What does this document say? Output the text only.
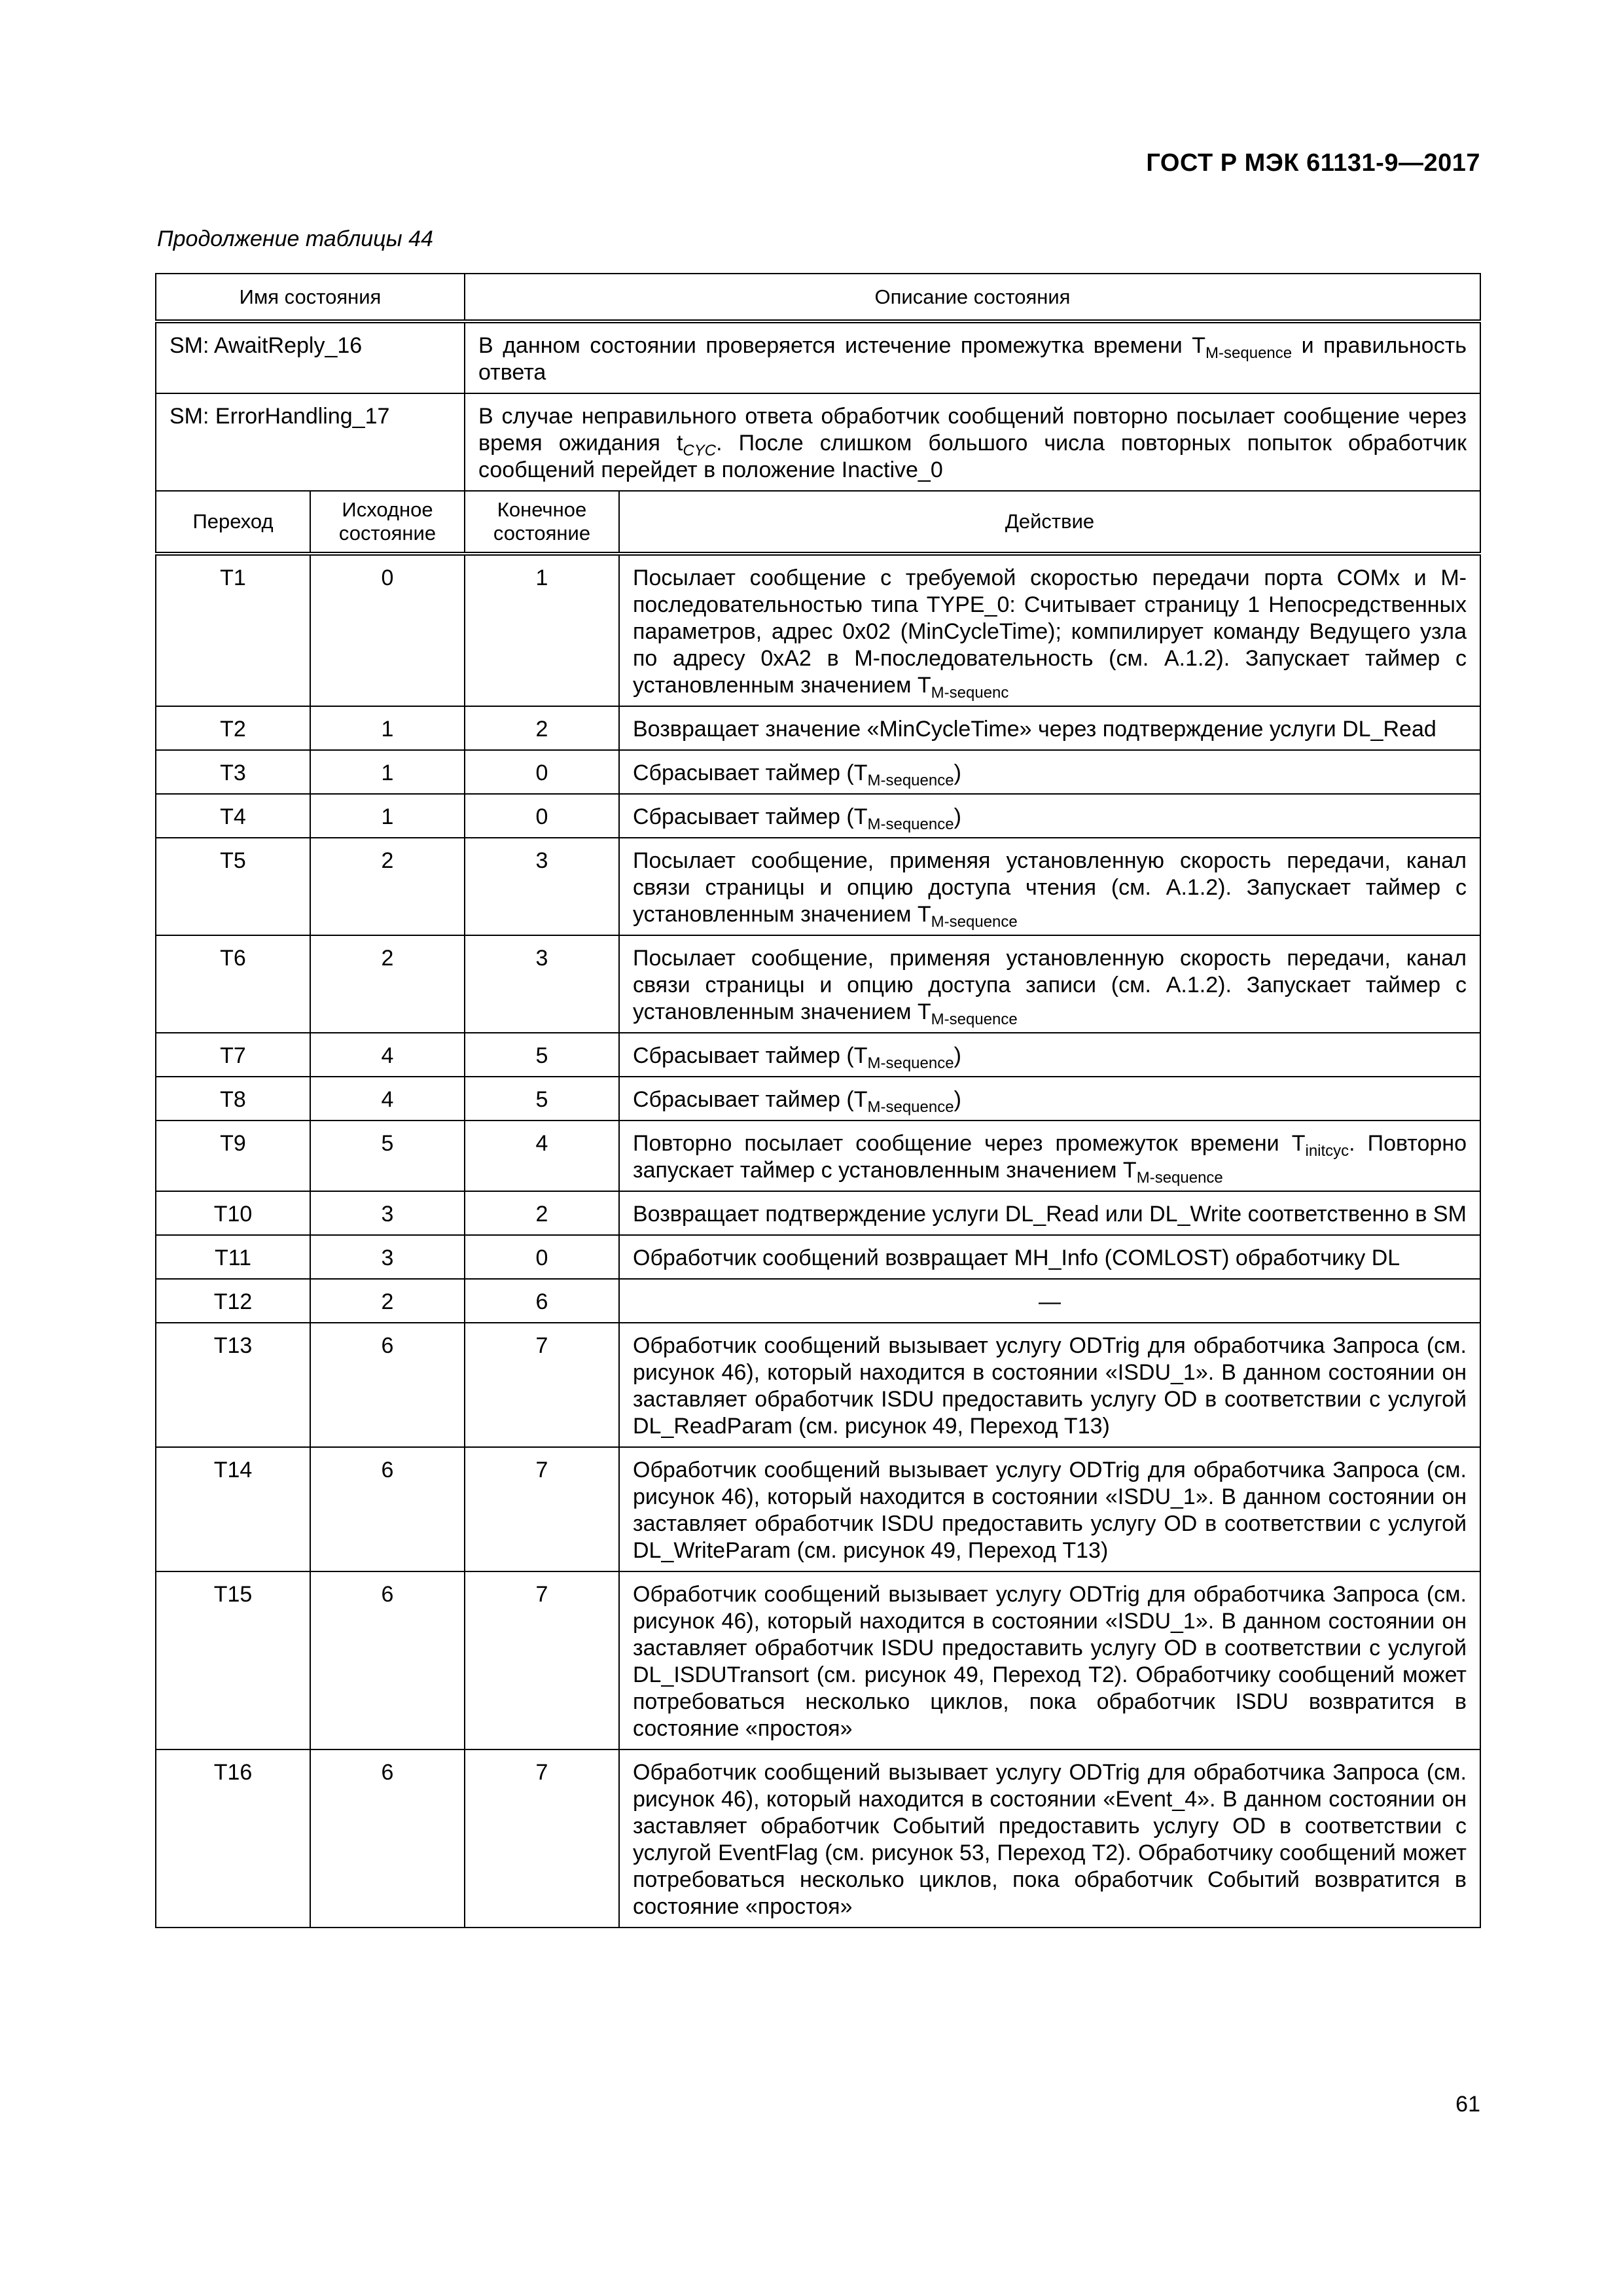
ГОСТ Р МЭК 61131-9—2017
Продолжение таблицы 44
Имя состояния		Описание состояния	
SM: AwaitReply_16		В данном состоянии проверяется истечение промежутка времени $T_{M-sequence}$ и правильность ответа	
SM: ErrorHandling_17		В случае неправильного ответа обработчик сообщений повторно посылает сообщение через время ожидания $t_{CYC}$. После слишком большого числа повторных попыток обработчик сообщений перейдет в положение Inactive_0	
Переход	Исходное состояние	Конечное состояние	Действие
T1	0	1	Посылает сообщение с требуемой скоростью передачи порта COMx и M-последовательностью типа TYPE_0: Считывает страницу 1 Непосредственных параметров, адрес 0x02 (MinCycleTime); компилирует команду Ведущего узла по адресу 0xA2 в M-последовательность (см. A.1.2). Запускает таймер с установленным значением $T_{M-sequenc}$
T2	1	2	Возвращает значение «MinCycleTime» через подтверждение услуги DL_Read
T3	1	0	Сбрасывает таймер $(T_{M-sequence})$
T4	1	0	Сбрасывает таймер $(T_{M-sequence})$
T5	2	3	Посылает сообщение, применяя установленную скорость передачи, канал связи страницы и опцию доступа чтения (см. A.1.2). Запускает таймер с установленным значением $T_{M-sequence}$
T6	2	3	Посылает сообщение, применяя установленную скорость передачи, канал связи страницы и опцию доступа записи (см. A.1.2). Запускает таймер с установленным значением $T_{M-sequence}$
T7	4	5	Сбрасывает таймер $(T_{M-sequence})$
T8	4	5	Сбрасывает таймер $(T_{M-sequence})$
T9	5	4	Повторно посылает сообщение через промежуток времени $T_{initcyc}$. Повторно запускает таймер с установленным значением $T_{M-sequence}$
T10	3	2	Возвращает подтверждение услуги DL_Read или DL_Write соответственно в SM
T11	3	0	Обработчик сообщений возвращает MH_Info (COMLOST) обработчику DL
T12	2	6	—
T13	6	7	Обработчик сообщений вызывает услугу ODTrig для обработчика Запроса (см. рисунок 46), который находится в состоянии «ISDU_1». В данном состоянии он заставляет обработчик ISDU предоставить услугу OD в соответствии с услугой DL_ReadParam (см. рисунок 49, Переход T13)
T14	6	7	Обработчик сообщений вызывает услугу ODTrig для обработчика Запроса (см. рисунок 46), который находится в состоянии «ISDU_1». В данном состоянии он заставляет обработчик ISDU предоставить услугу OD в соответствии с услугой DL_WriteParam (см. рисунок 49, Переход T13)
T15	6	7	Обработчик сообщений вызывает услугу ODTrig для обработчика Запроса (см. рисунок 46), который находится в состоянии «ISDU_1». В данном состоянии он заставляет обработчик ISDU предоставить услугу OD в соответствии с услугой DL_ISDUTransort (см. рисунок 49, Переход T2). Обработчику сообщений может потребоваться несколько циклов, пока обработчик ISDU возвратится в состояние «простоя»
T16	6	7	Обработчик сообщений вызывает услугу ODTrig для обработчика Запроса (см. рисунок 46), который находится в состоянии «Event_4». В данном состоянии он заставляет обработчик Событий предоставить услугу OD в соответствии с услугой EventFlag (см. рисунок 53, Переход T2). Обработчику сообщений может потребоваться несколько циклов, пока обработчик Событий возвратится в состояние «простоя»
61
